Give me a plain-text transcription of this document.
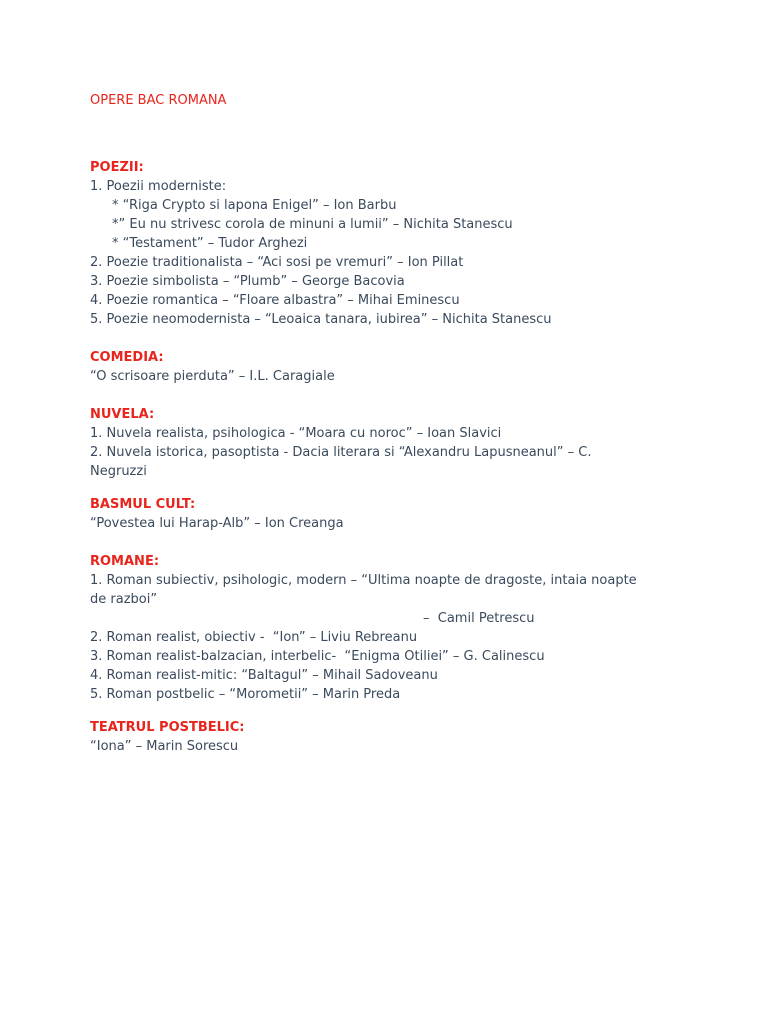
OPERE BAC ROMANA

POEZII:

1. Poezii moderniste:

* “Riga Crypto si lapona Enigel” – Ion Barbu

*” Eu nu strivesc corola de minuni a lumii” – Nichita Stanescu

* “Testament” – Tudor Arghezi

2. Poezie traditionalista – “Aci sosi pe vremuri” – Ion Pillat

3. Poezie simbolista – “Plumb” – George Bacovia

4. Poezie romantica – “Floare albastra” – Mihai Eminescu

5. Poezie neomodernista – “Leoaica tanara, iubirea” – Nichita Stanescu

COMEDIA:

“O scrisoare pierduta” – I.L. Caragiale

NUVELA:

1. Nuvela realista, psihologica - “Moara cu noroc” – Ioan Slavici

2. Nuvela istorica, pasoptista - Dacia literara si “Alexandru Lapusneanul” – C.

Negruzzi

BASMUL CULT:

“Povestea lui Harap-Alb” – Ion Creanga

ROMANE:

1. Roman subiectiv, psihologic, modern – “Ultima noapte de dragoste, intaia noapte

de razboi”

–  Camil Petrescu

2. Roman realist, obiectiv -  “Ion” – Liviu Rebreanu

3. Roman realist-balzacian, interbelic-  “Enigma Otiliei” – G. Calinescu

4. Roman realist-mitic: “Baltagul” – Mihail Sadoveanu

5. Roman postbelic – “Morometii” – Marin Preda

TEATRUL POSTBELIC:

“Iona” – Marin Sorescu
